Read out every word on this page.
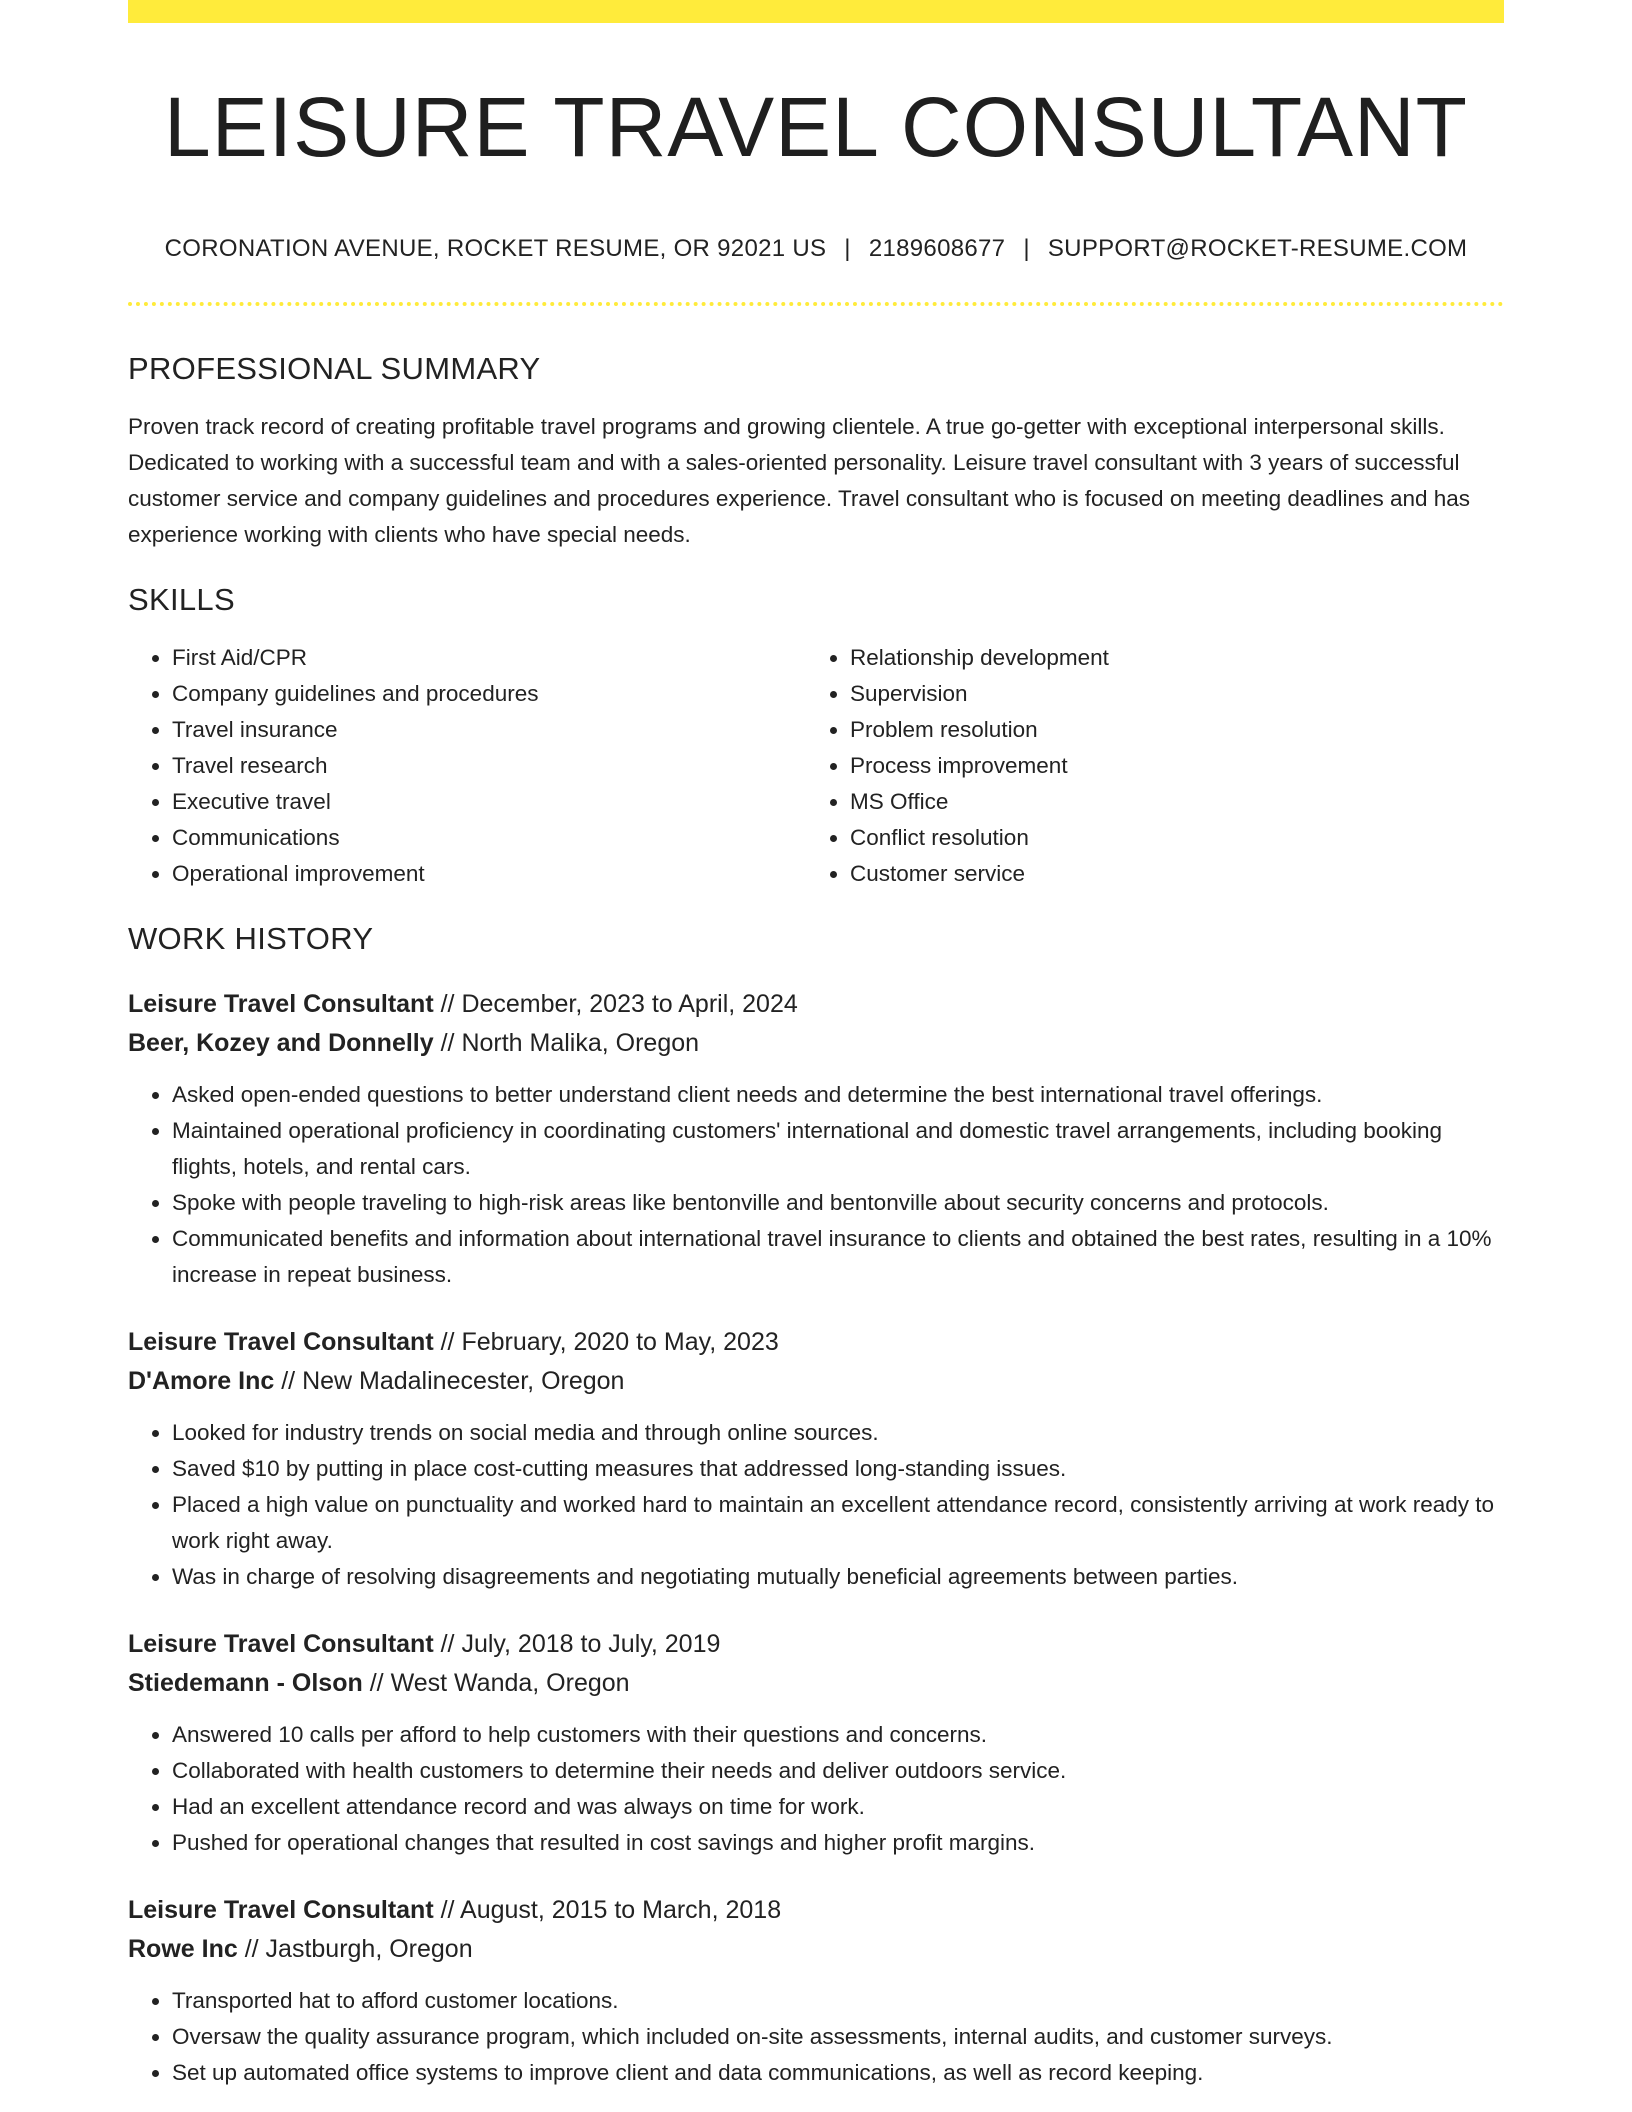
LEISURE TRAVEL CONSULTANT
CORONATION AVENUE, ROCKET RESUME, OR 92021 US | 2189608677 | SUPPORT@ROCKET-RESUME.COM
PROFESSIONAL SUMMARY
Proven track record of creating profitable travel programs and growing clientele. A true go-getter with exceptional interpersonal skills. Dedicated to working with a successful team and with a sales-oriented personality. Leisure travel consultant with 3 years of successful customer service and company guidelines and procedures experience. Travel consultant who is focused on meeting deadlines and has experience working with clients who have special needs.
SKILLS
• First Aid/CPR
• Company guidelines and procedures
• Travel insurance
• Travel research
• Executive travel
• Communications
• Operational improvement
• Relationship development
• Supervision
• Problem resolution
• Process improvement
• MS Office
• Conflict resolution
• Customer service
WORK HISTORY
Leisure Travel Consultant // December, 2023 to April, 2024
Beer, Kozey and Donnelly // North Malika, Oregon
• Asked open-ended questions to better understand client needs and determine the best international travel offerings.
• Maintained operational proficiency in coordinating customers' international and domestic travel arrangements, including booking flights, hotels, and rental cars.
• Spoke with people traveling to high-risk areas like bentonville and bentonville about security concerns and protocols.
• Communicated benefits and information about international travel insurance to clients and obtained the best rates, resulting in a 10% increase in repeat business.
Leisure Travel Consultant // February, 2020 to May, 2023
D'Amore Inc // New Madalinecester, Oregon
• Looked for industry trends on social media and through online sources.
• Saved $10 by putting in place cost-cutting measures that addressed long-standing issues.
• Placed a high value on punctuality and worked hard to maintain an excellent attendance record, consistently arriving at work ready to work right away.
• Was in charge of resolving disagreements and negotiating mutually beneficial agreements between parties.
Leisure Travel Consultant // July, 2018 to July, 2019
Stiedemann - Olson // West Wanda, Oregon
• Answered 10 calls per afford to help customers with their questions and concerns.
• Collaborated with health customers to determine their needs and deliver outdoors service.
• Had an excellent attendance record and was always on time for work.
• Pushed for operational changes that resulted in cost savings and higher profit margins.
Leisure Travel Consultant // August, 2015 to March, 2018
Rowe Inc // Jastburgh, Oregon
• Transported hat to afford customer locations.
• Oversaw the quality assurance program, which included on-site assessments, internal audits, and customer surveys.
• Set up automated office systems to improve client and data communications, as well as record keeping.
